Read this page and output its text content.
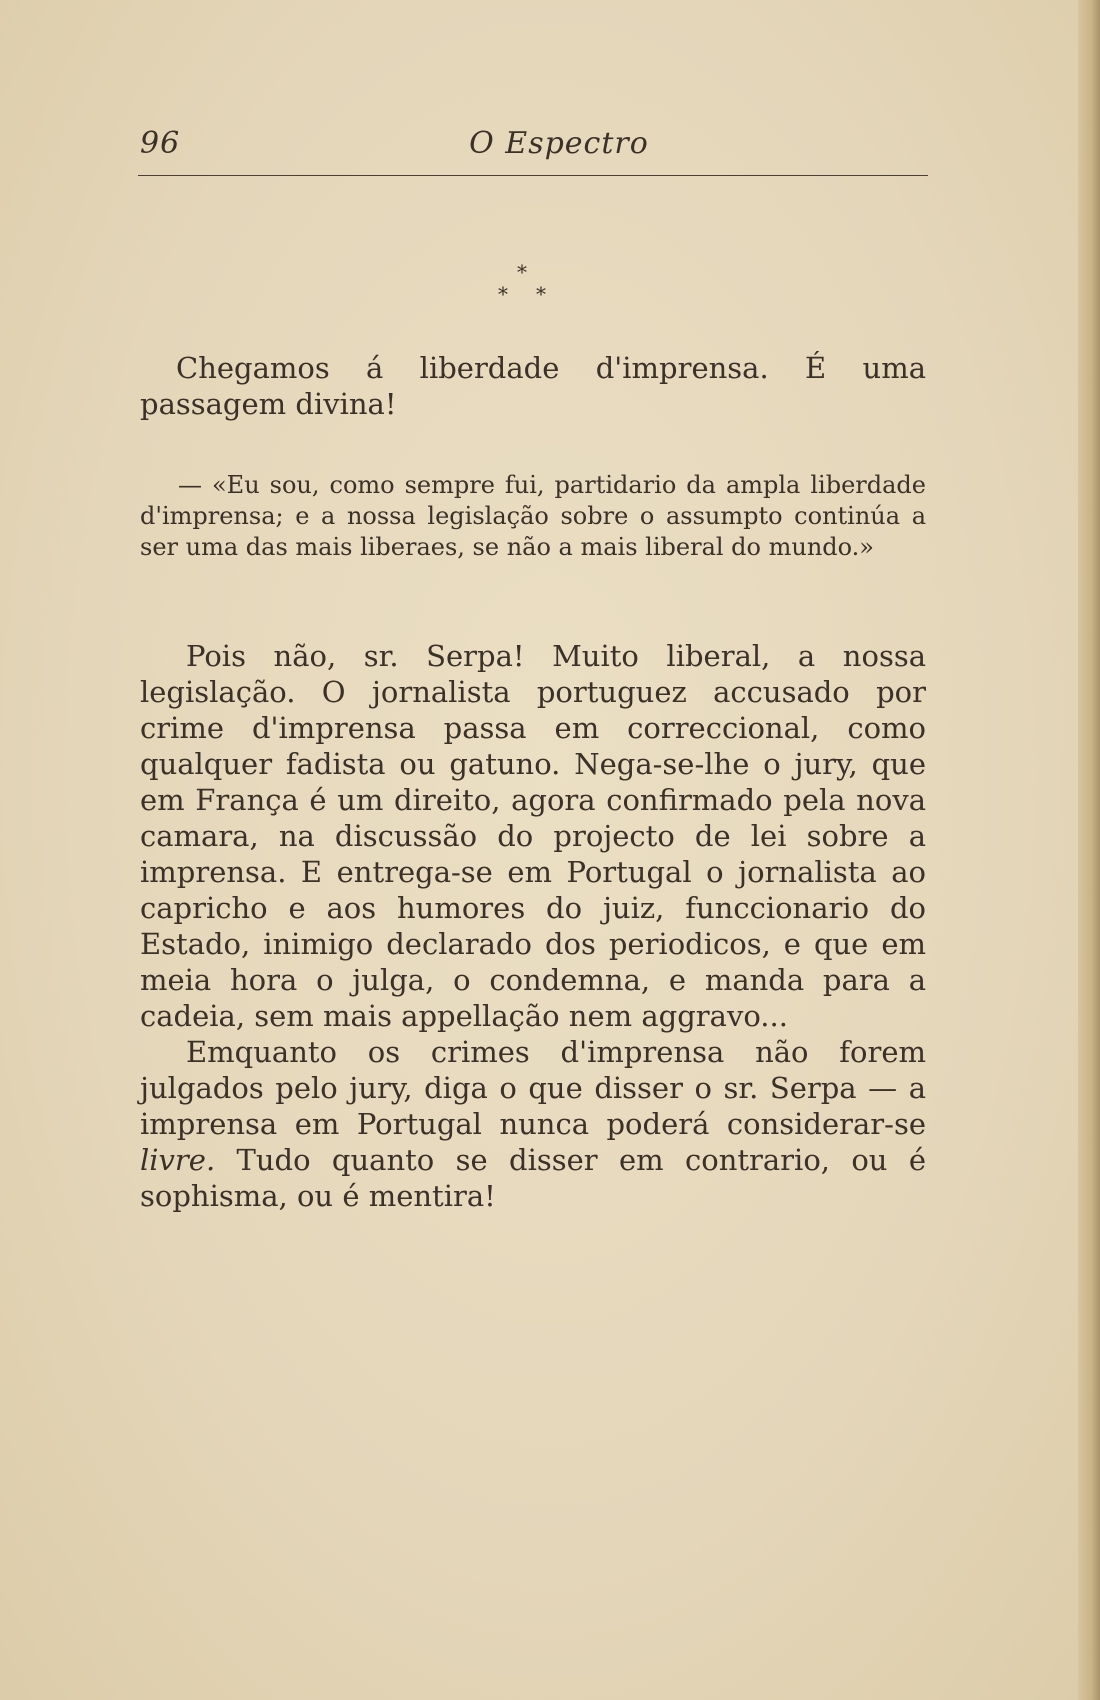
96	O Espectro
*
* *

Chegamos á liberdade d'imprensa. É uma passagem divina!

— «Eu sou, como sempre fui, partidario da ampla liberdade d'imprensa; e a nossa legislação sobre o assumpto continúa a ser uma das mais liberaes, se não a mais liberal do mundo.»

Pois não, sr. Serpa! Muito liberal, a nossa legislação. O jornalista portuguez accusado por crime d'imprensa passa em correccional, como qualquer fadista ou gatuno. Nega-se-lhe o jury, que em França é um direito, agora confirmado pela nova camara, na discussão do projecto de lei sobre a imprensa. E entrega-se em Portugal o jornalista ao capricho e aos humores do juiz, funccionario do Estado, inimigo declarado dos periodicos, e que em meia hora o julga, o condemna, e manda para a cadeia, sem mais appellação nem aggravo...

Emquanto os crimes d'imprensa não forem julgados pelo jury, diga o que disser o sr. Serpa — a imprensa em Portugal nunca poderá considerar-se livre. Tudo quanto se disser em contrario, ou é sophisma, ou é mentira!
